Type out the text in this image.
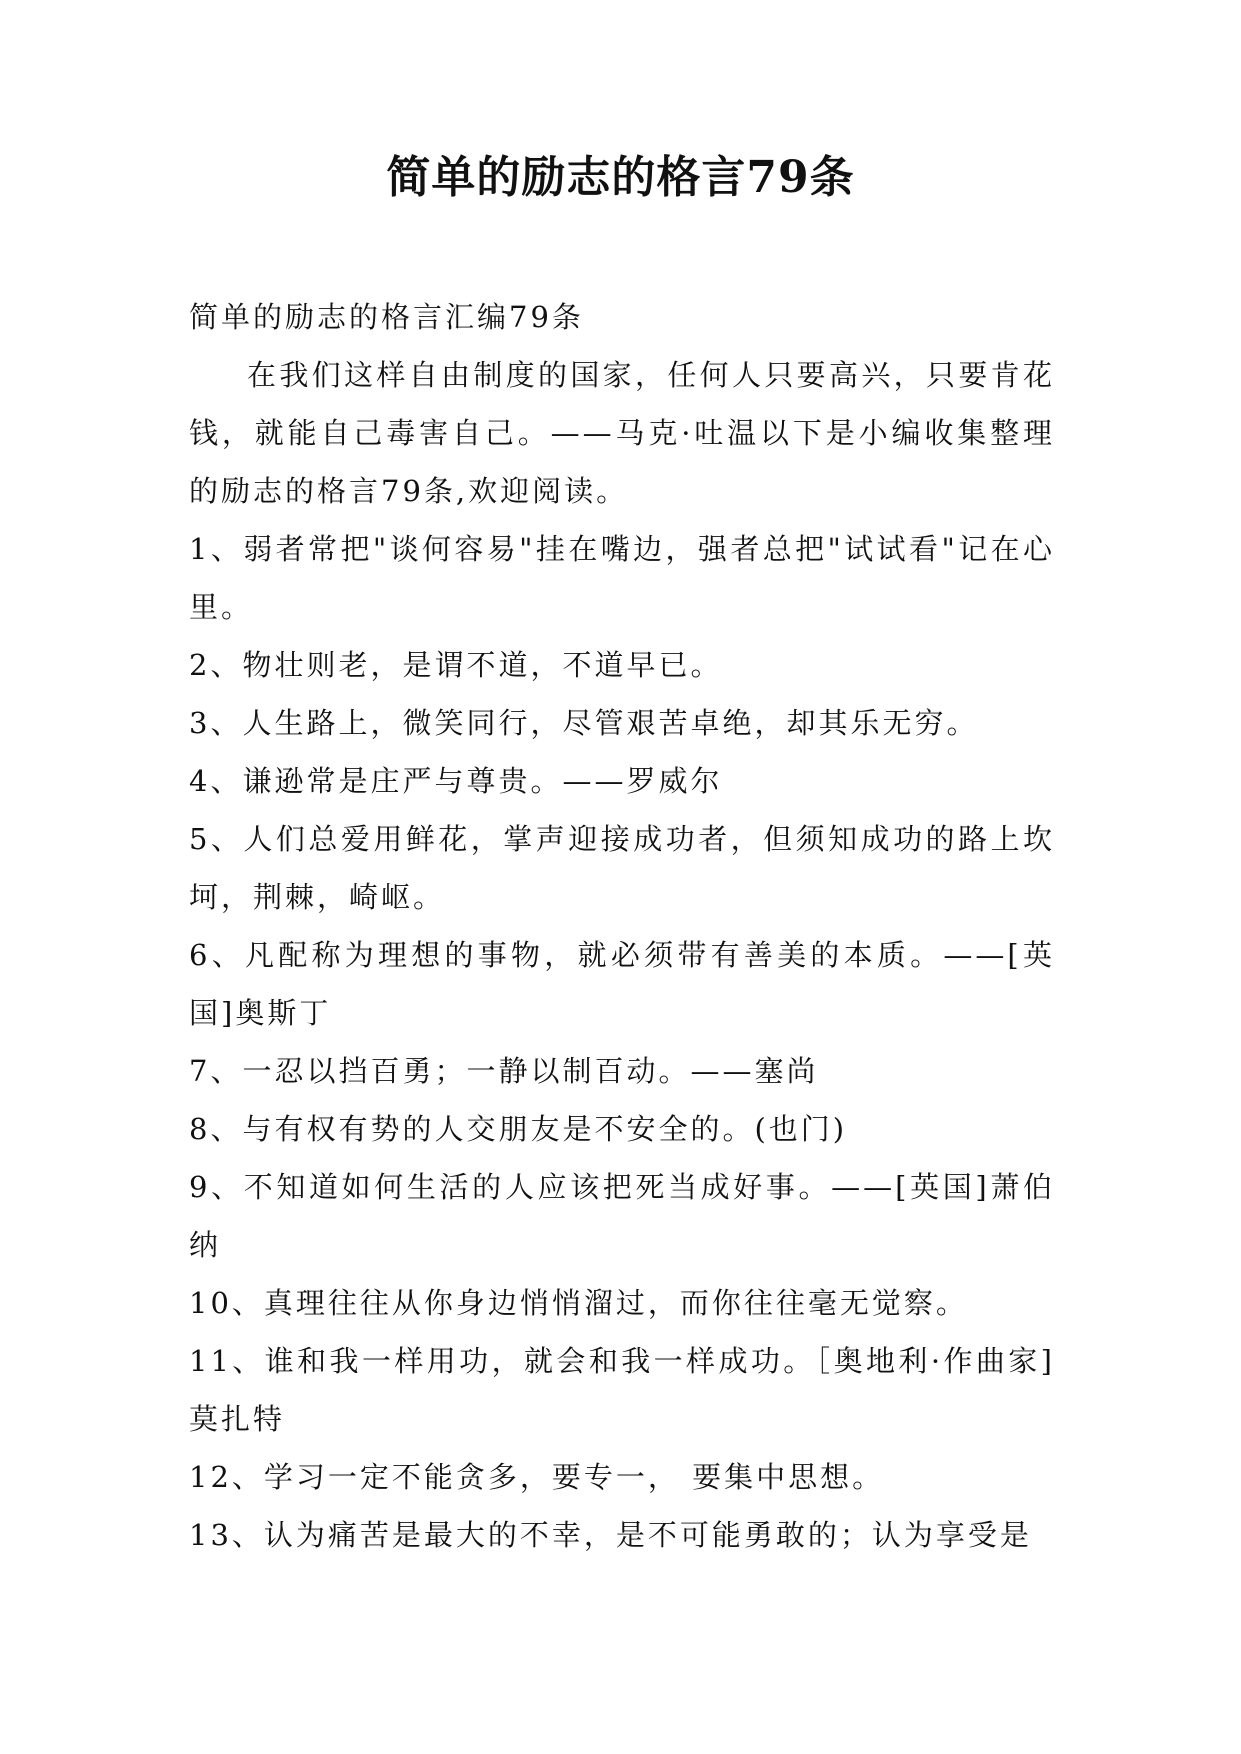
简单的励志的格言79条

简单的励志的格言汇编79条

在我们这样自由制度的国家，任何人只要高兴，只要肯花钱，就能自己毒害自己。——马克·吐温以下是小编收集整理的励志的格言79条,欢迎阅读。

1、弱者常把"谈何容易"挂在嘴边，强者总把"试试看"记在心里。

2、物壮则老，是谓不道，不道早已。

3、人生路上，微笑同行，尽管艰苦卓绝，却其乐无穷。

4、谦逊常是庄严与尊贵。——罗威尔

5、人们总爱用鲜花，掌声迎接成功者，但须知成功的路上坎坷，荆棘，崎岖。

6、凡配称为理想的事物，就必须带有善美的本质。——[英国]奥斯丁

7、一忍以挡百勇；一静以制百动。——塞尚

8、与有权有势的人交朋友是不安全的。(也门)

9、不知道如何生活的人应该把死当成好事。——[英国]萧伯纳

10、真理往往从你身边悄悄溜过，而你往往毫无觉察。

11、谁和我一样用功，就会和我一样成功。［奥地利·作曲家]莫扎特

12、学习一定不能贪多，要专一， 要集中思想。

13、认为痛苦是最大的不幸，是不可能勇敢的；认为享受是
